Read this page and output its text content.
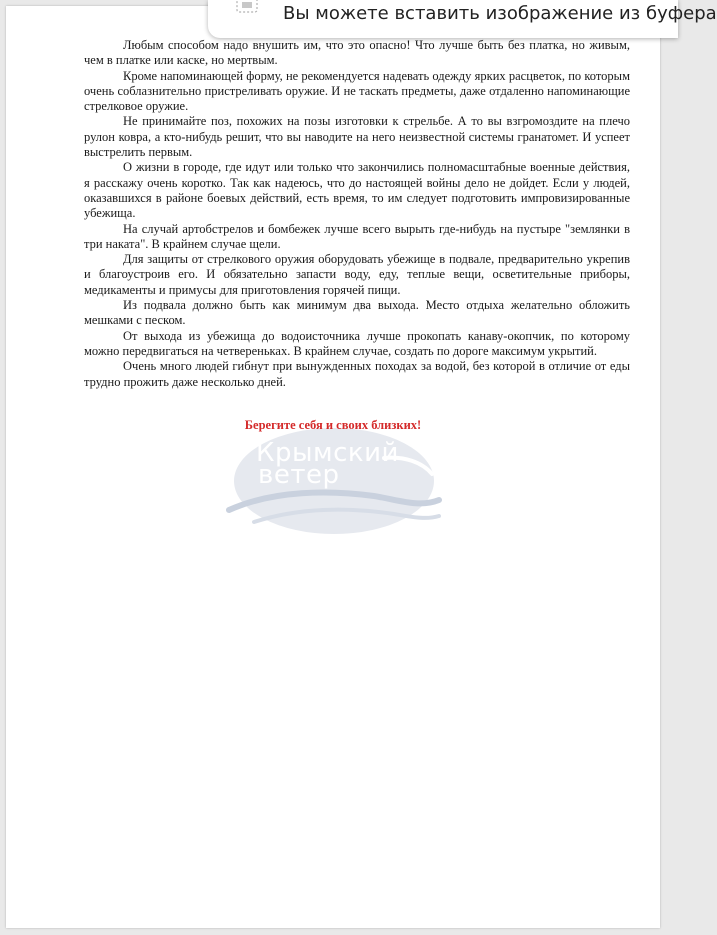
Любым способом надо внушить им, что это опасно! Что лучше быть без платка, но живым, чем в платке или каске, но мертвым.

Кроме напоминающей форму, не рекомендуется надевать одежду ярких расцветок, по которым очень соблазнительно пристреливать оружие. И не таскать предметы, даже отдаленно напоминающие стрелковое оружие.

Не принимайте поз, похожих на позы изготовки к стрельбе. А то вы взгромоздите на плечо рулон ковра, а кто-нибудь решит, что вы наводите на него неизвестной системы гранатомет. И успеет выстрелить первым.

О жизни в городе, где идут или только что закончились полномасштабные военные действия, я расскажу очень коротко. Так как надеюсь, что до настоящей войны дело не дойдет. Если у людей, оказавшихся в районе боевых действий, есть время, то им следует подготовить импровизированные убежища.

На случай артобстрелов и бомбежек лучше всего вырыть где-нибудь на пустыре "землянки в три наката". В крайнем случае щели.

Для защиты от стрелкового оружия оборудовать убежище в подвале, предварительно укрепив и благоустроив его. И обязательно запасти воду, еду, теплые вещи, осветительные приборы, медикаменты и примусы для приготовления горячей пищи.

Из подвала должно быть как минимум два выхода. Место отдыха желательно обложить мешками с песком.

От выхода из убежища до водоисточника лучше прокопать канаву-окопчик, по которому можно передвигаться на четвереньках. В крайнем случае, создать по дороге максимум укрытий.

Очень много людей гибнут при вынужденных походах за водой, без которой в отличие от еды трудно прожить даже несколько дней.

Крымский
ветер
Берегите себя и своих близких!
Вы можете вставить изображение из буфера
